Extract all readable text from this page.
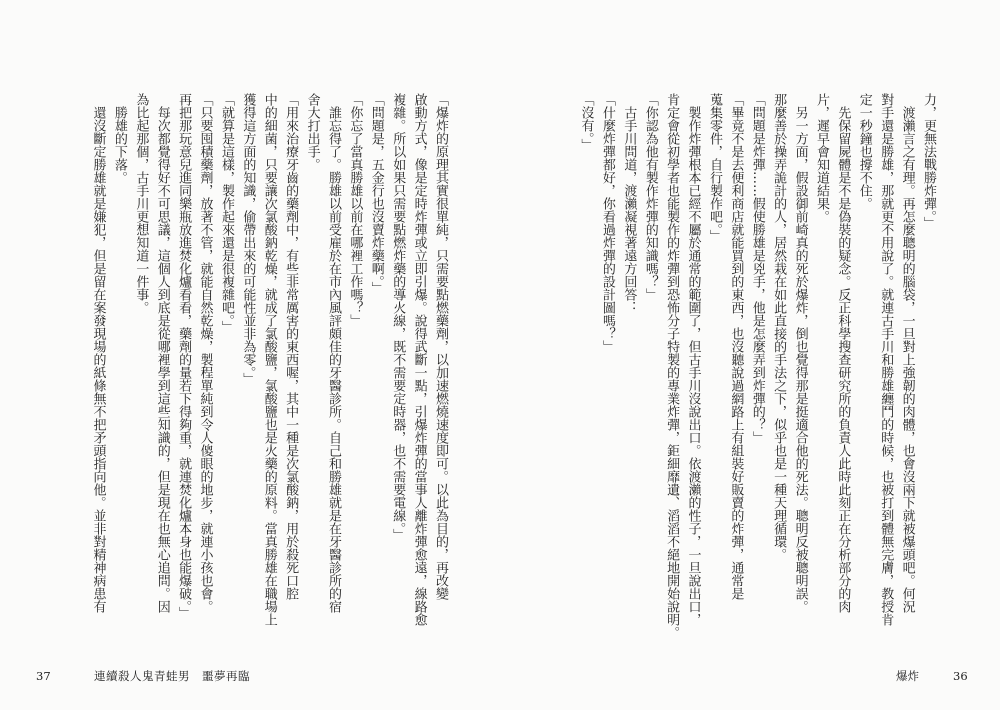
力，更無法戰勝炸彈。」
渡瀨言之有理。再怎麼聰明的腦袋，一旦對上強韌的肉體，也會沒兩下就被爆頭吧。何況
對手還是勝雄，那就更不用說了。就連古手川和勝雄纏鬥的時候，也被打到體無完膚，教授肯
定一秒鐘也撐不住。
先保留屍體是不是偽裝的疑念。反正科學搜查研究所的負責人此時此刻正在分析部分的肉
片，遲早會知道結果。
另一方面，假設御前崎真的死於爆炸，倒也覺得那是挺適合他的死法。聰明反被聰明誤。
那麼善於操弄詭計的人，居然栽在如此直接的手法之下，似乎也是一種天理循環。
「問題是炸彈……假使勝雄是兇手，他是怎麼弄到炸彈的？」
「畢竟不是去便利商店就能買到的東西，也沒聽說過網路上有組裝好販賣的炸彈，通常是
蒐集零件，自行製作吧。」
製作炸彈根本已經不屬於通常的範圍了，但古手川沒說出口。依渡瀨的性子，一旦說出口，
肯定會從初學者也能製作的炸彈到恐怖分子特製的專業炸彈，鉅細靡遺、滔滔不絕地開始說明。
「你認為他有製作炸彈的知識嗎？」
古手川問道，渡瀨凝視著遠方回答：
「什麼炸彈都好，你看過炸彈的設計圖嗎？」
「沒有。」
「爆炸的原理其實很單純，只需要點燃藥劑，以加速燃燒速度即可。以此為目的，再改變
啟動方式，像是定時炸彈或立即引爆。說得武斷一點，引爆炸彈的當事人離炸彈愈遠，線路愈
複雜。所以如果只需要點燃炸藥的導火線，既不需要定時器，也不需要電線。」
「問題是，五金行也沒賣炸藥啊。」
「你忘了當真勝雄以前在哪裡工作嗎？」
誰忘得了。勝雄以前受雇於在市內風評頗佳的牙醫診所。自己和勝雄就是在牙醫診所的宿
舍大打出手。
「用來治療牙齒的藥劑中，有些非常厲害的東西喔，其中一種是次氯酸鈉，用於殺死口腔
中的細菌，只要讓次氯酸鈉乾燥，就成了氯酸鹽，氯酸鹽也是火藥的原料。當真勝雄在職場上
獲得這方面的知識，偷帶出來的可能性並非為零。」
「就算是這樣，製作起來還是很複雜吧。」
「只要囤積藥劑，放著不管，就能自然乾燥，製程單純到令人傻眼的地步，就連小孩也會。
再把那玩意兒進同樂瓶放進焚化爐看看，藥劑的量若下得夠重，就連焚化爐本身也能爆破。」
每次都覺得好不可思議，這個人到底是從哪裡學到這些知識的，但是現在也無心追問。因
為比起那個，古手川更想知道一件事。
勝雄的下落。
還沒斷定勝雄就是嫌犯，但是留在案發現場的紙條無不把矛頭指向他。並非對精神病患有
37	連續殺人鬼青蛙男　噩夢再臨	爆炸	36
